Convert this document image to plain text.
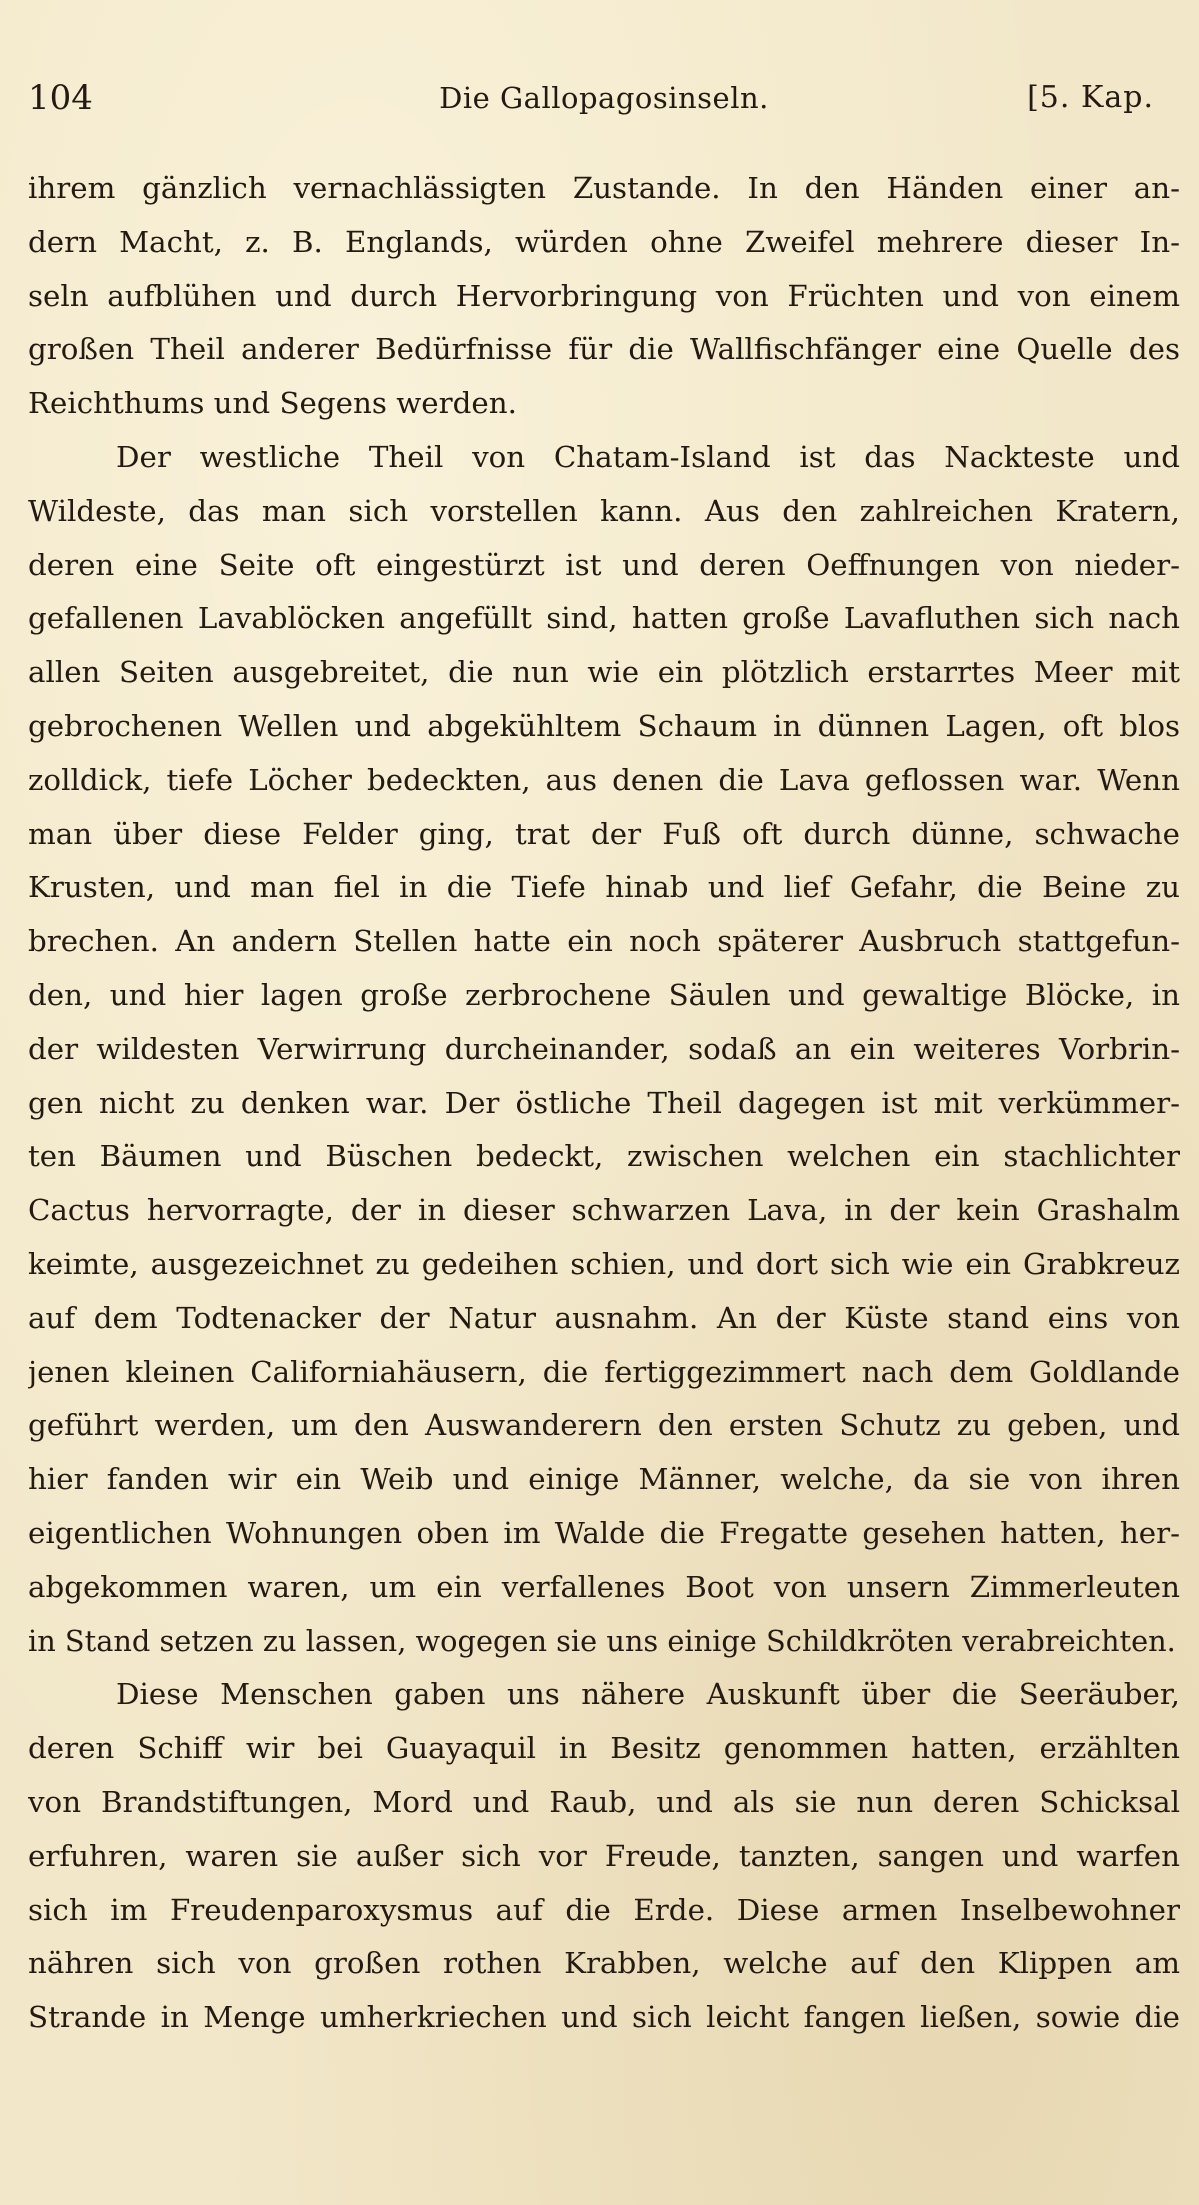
104	Die Gallopagosinseln.	[5. Kap.
ihrem gänzlich vernachlässigten Zustande. In den Händen einer an-
dern Macht, z. B. Englands, würden ohne Zweifel mehrere dieser In-
seln aufblühen und durch Hervorbringung von Früchten und von einem
großen Theil anderer Bedürfnisse für die Wallfischfänger eine Quelle des
Reichthums und Segens werden.
Der westliche Theil von Chatam-Island ist das Nackteste und
Wildeste, das man sich vorstellen kann. Aus den zahlreichen Kratern,
deren eine Seite oft eingestürzt ist und deren Oeffnungen von nieder-
gefallenen Lavablöcken angefüllt sind, hatten große Lavafluthen sich nach
allen Seiten ausgebreitet, die nun wie ein plötzlich erstarrtes Meer mit
gebrochenen Wellen und abgekühltem Schaum in dünnen Lagen, oft blos
zolldick, tiefe Löcher bedeckten, aus denen die Lava geflossen war. Wenn
man über diese Felder ging, trat der Fuß oft durch dünne, schwache
Krusten, und man fiel in die Tiefe hinab und lief Gefahr, die Beine zu
brechen. An andern Stellen hatte ein noch späterer Ausbruch stattgefun-
den, und hier lagen große zerbrochene Säulen und gewaltige Blöcke, in
der wildesten Verwirrung durcheinander, sodaß an ein weiteres Vorbrin-
gen nicht zu denken war. Der östliche Theil dagegen ist mit verkümmer-
ten Bäumen und Büschen bedeckt, zwischen welchen ein stachlichter
Cactus hervorragte, der in dieser schwarzen Lava, in der kein Grashalm
keimte, ausgezeichnet zu gedeihen schien, und dort sich wie ein Grabkreuz
auf dem Todtenacker der Natur ausnahm. An der Küste stand eins von
jenen kleinen Californiahäusern, die fertiggezimmert nach dem Goldlande
geführt werden, um den Auswanderern den ersten Schutz zu geben, und
hier fanden wir ein Weib und einige Männer, welche, da sie von ihren
eigentlichen Wohnungen oben im Walde die Fregatte gesehen hatten, her-
abgekommen waren, um ein verfallenes Boot von unsern Zimmerleuten
in Stand setzen zu lassen, wogegen sie uns einige Schildkröten verabreichten.
Diese Menschen gaben uns nähere Auskunft über die Seeräuber,
deren Schiff wir bei Guayaquil in Besitz genommen hatten, erzählten
von Brandstiftungen, Mord und Raub, und als sie nun deren Schicksal
erfuhren, waren sie außer sich vor Freude, tanzten, sangen und warfen
sich im Freudenparoxysmus auf die Erde. Diese armen Inselbewohner
nähren sich von großen rothen Krabben, welche auf den Klippen am
Strande in Menge umherkriechen und sich leicht fangen ließen, sowie die
